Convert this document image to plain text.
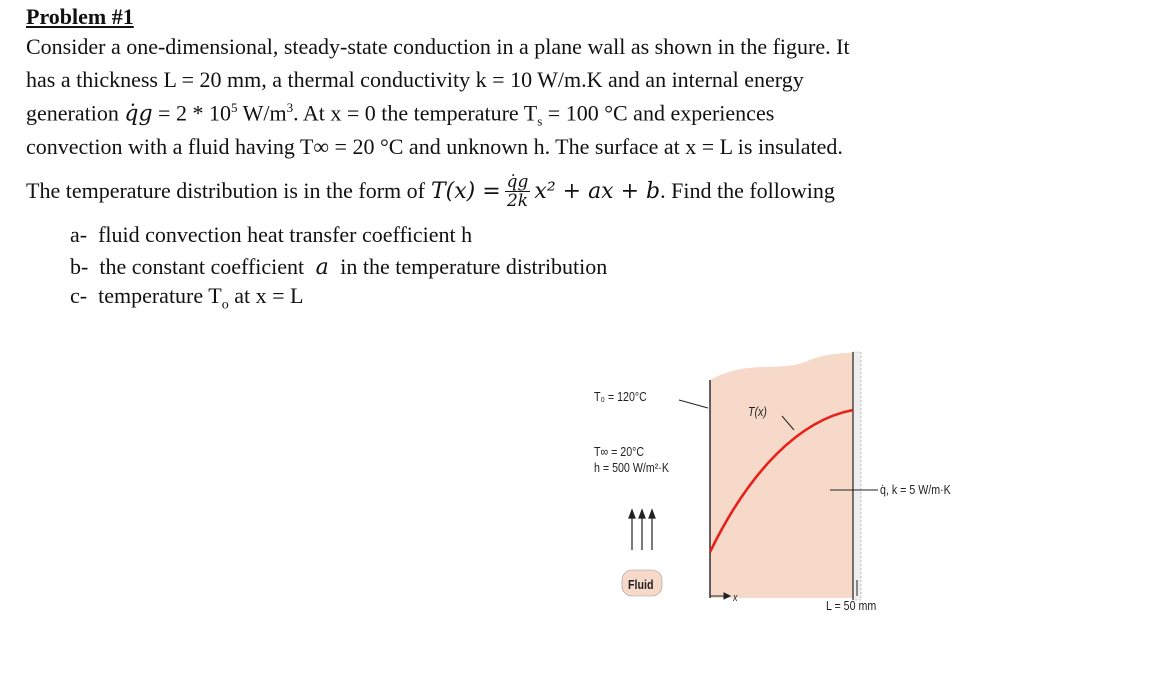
Problem #1
Consider a one-dimensional, steady-state conduction in a plane wall as shown in the figure. It
has a thickness L = 20 mm, a thermal conductivity k = 10 W/m.K and an internal energy
generation q̇g = $2 * 10^5$ $W/m^3$. At x = 0 the temperature $T_s = 100$ °C and experiences
convection with a fluid having T∞ = 20 °C and unknown h. The surface at x = L is insulated.
The temperature distribution is in the form of $T(x) = \frac{q̇g}{2k} x^2$ + ax + b . Find the following
a- fluid convection heat transfer coefficient h
b- the constant coefficient a in the temperature distribution
c- temperature $T_o$ at x = L
T₀ = 120°C
T∞ = 20°C
h = 500 W/m²·K
T(x)
q̇, k = 5 W/m·K
Fluid
x	L = 50 mm
